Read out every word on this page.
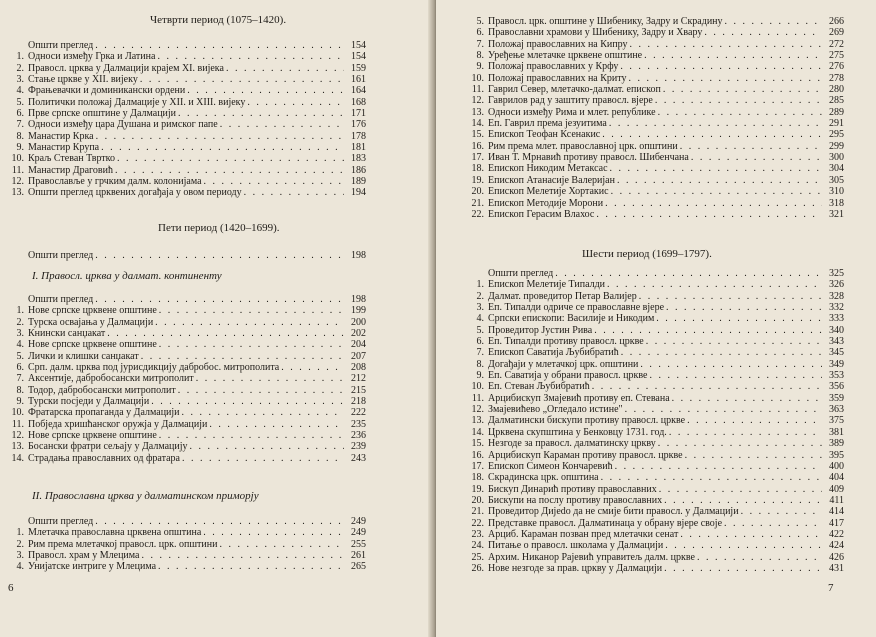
Четврти период (1075–1420).
Општи преглед . . .	154
1. Односи између Грка и Латина . . .	154
2. Правосл. црква у Далмацији крајем XI. вијека . . .	159
3. Стање цркве у XII. вијеку . . .	161
4. Фрањевачки и доминикански ордени . . .	164
5. Политички положај Далмације у XII. и XIII. вијеку . . .	168
6. Прве српске општине у Далмацији . . .	171
7. Односи између цара Душана и римског папе . . .	176
8. Манастир Крка . . .	178
9. Манастир Крупа . . .	181
10. Краљ Стеван Твртко . . .	183
11. Манастир Драговић . . .	186
12. Православље у грчким далм. колонијама . . .	189
13. Општи преглед црквених догађаја у овом периоду . . .	194
Пети период (1420–1699).
Општи преглед . . .	198
I. Правосл. црква у далмат. континенту
Општи преглед . . .	198
1. Нове српске црквене општине . . .	199
2. Турска освајања у Далмацији . . .	200
3. Кнински санџакат . . .	202
4. Нове српске црквене општине . . .	204
5. Лички и клишки санџакат . . .	207
6. Срп. далм. црква под јурисдикцију дабробос. митрополита . . .	208
7. Аксентије, дабробосански митрополит . . .	212
8. Тодор, дабробосански митрополит . . .	215
9. Турски посједи у Далмацији . . .	218
10. Фратарска пропаганда у Далмацији . . .	222
11. Побједа хришћанског оружја у Далмацији . . .	235
12. Нове српске црквене општине . . .	236
13. Босански фратри сељају у Далмацију . . .	239
14. Страдања православних од фратара . . .	243
II. Православна црква у далматинском приморју
Општи преглед . . .	249
1. Млетачка православна црквена општина . . .	249
2. Рим према млетачкој правосл. црк. општини . . .	255
3. Правосл. храм у Млецима . . .	261
4. Унијатске интриге у Млецима . . .	265
6
5. Правосл. црк. општине у Шибенику, Задру и Скрадину . . .	266
6. Православни храмови у Шибенику, Задру и Хвару . . .	269
7. Положај православних на Кипру . . .	272
8. Уређење млетачке црквене општине . . .	275
9. Положај православних у Крфу . . .	276
10. Положај православних на Криту . . .	278
11. Гаврил Север, млетачко-далмат. епископ . . .	280
12. Гаврилов рад у заштиту правосл. вјере . . .	285
13. Односи између Рима и млет. републике . . .	289
14. Еп. Гаврил према језуитима . . .	291
15. Епископ Теофан Ксенакис . . .	295
16. Рим према млет. православној црк. општини . . .	299
17. Иван Т. Мрнавић противу правосл. Шибенчана . . .	300
18. Епископ Никодим Метаксас . . .	304
19. Епископ Атанасије Валеријан . . .	305
20. Епископ Мелетије Хортакис . . .	310
21. Епископ Методије Морони . . .	318
22. Епископ Герасим Влахос . . .	321
Шести период (1699–1797).
Општи преглед . . .	325
1. Епископ Мелетије Типалди . . .	326
2. Далмат. проведитор Петар Валијер . . .	328
3. Еп. Типалди одриче се православне вјере . . .	332
4. Српски епископи: Василије и Никодим . . .	333
5. Проведитор Јустин Рива . . .	340
6. Еп. Типалди противу правосл. цркве . . .	343
7. Епископ Саватија Љубибратић . . .	345
8. Догађаји у млетачкој црк. општини . . .	349
9. Еп. Саватија у обрани правосл. цркве . . .	353
10. Еп. Стеван Љубибратић . . .	356
11. Арцибискуп Змајевић противу еп. Стевана . . .	359
12. Змајевићево „Огледало истине" . . .	363
13. Далматински бискупи противу правосл. цркве . . .	375
14. Црквена скупштина у Бенковцу 1731. год. . . .	381
15. Незгоде за правосл. далматинску цркву . . .	389
16. Арцибискуп Караман противу правосл. цркве . . .	395
17. Епископ Симеон Кончаревић . . .	400
18. Скрадинска црк. општина . . .	404
19. Бискуп Динарић противу православних . . .	409
20. Бискупи на послу противу православних . . .	411
21. Проведитор Дијedo да не смије бити правосл. у Далмацији . . .	414
22. Представке правосл. Далматинаца у обрану вјере своје . . .	417
23. Арциб. Караман позван пред млетачки сенат . . .	422
24. Питање о правосл. школама у Далмацији . . .	424
25. Архим. Никанор Рајевић управитељ далм. цркве . . .	426
26. Нове незгоде за прав. цркву у Далмацији . . .	431
7
